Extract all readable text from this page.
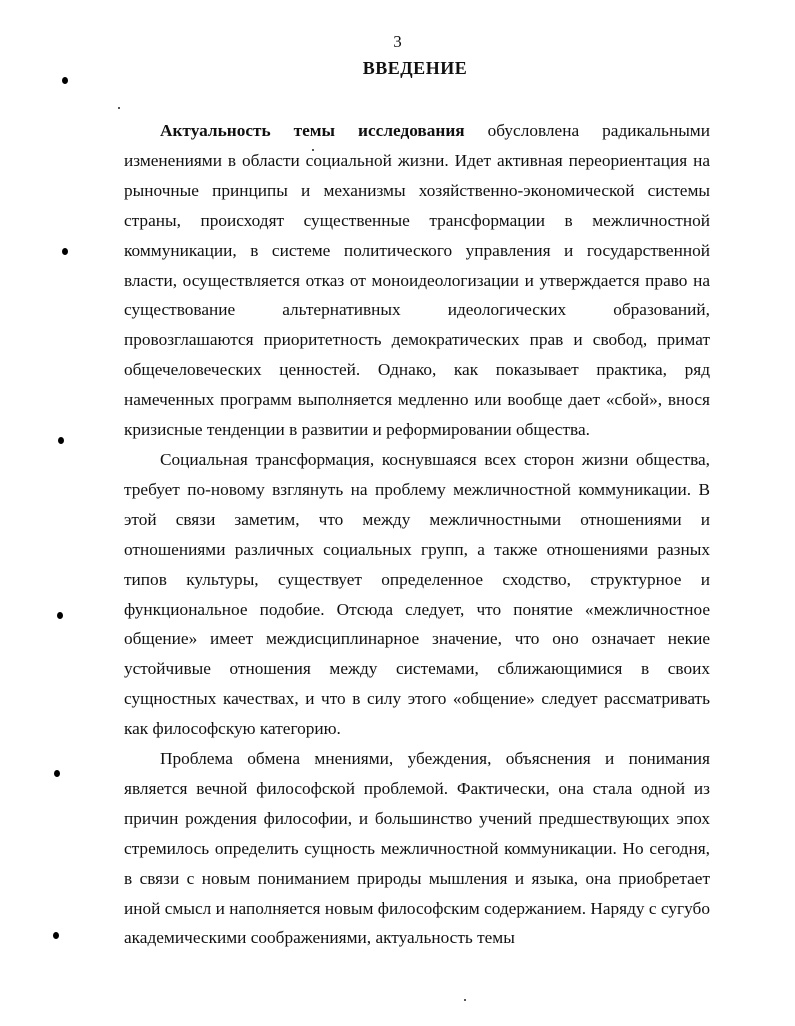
3
ВВЕДЕНИЕ

Актуальность темы исследования обусловлена радикальными изменениями в области социальной жизни. Идет активная переориентация на рыночные принципы и механизмы хозяйственно-экономической системы страны, происходят существенные трансформации в межличностной коммуникации, в системе политического управления и государственной власти, осуществляется отказ от моноидеологизации и утверждается право на существование альтернативных идеологических образований, провозглашаются приоритетность демократических прав и свобод, примат общечеловеческих ценностей. Однако, как показывает практика, ряд намеченных программ выполняется медленно или вообще дает «сбой», внося кризисные тенденции в развитии и реформировании общества.

Социальная трансформация, коснувшаяся всех сторон жизни общества, требует по-новому взглянуть на проблему межличностной коммуникации. В этой связи заметим, что между межличностными отношениями и отношениями различных социальных групп, а также отношениями разных типов культуры, существует определенное сходство, структурное и функциональное подобие. Отсюда следует, что понятие «межличностное общение» имеет междисциплинарное значение, что оно означает некие устойчивые отношения между системами, сближающимися в своих сущностных качествах, и что в силу этого «общение» следует рассматривать как философскую категорию.

Проблема обмена мнениями, убеждения, объяснения и понимания является вечной философской проблемой. Фактически, она стала одной из причин рождения философии, и большинство учений предшествующих эпох стремилось определить сущность межличностной коммуникации. Но сегодня, в связи с новым пониманием природы мышления и языка, она приобретает иной смысл и наполняется новым философским содержанием. Наряду с сугубо академическими соображениями, актуальность темы
